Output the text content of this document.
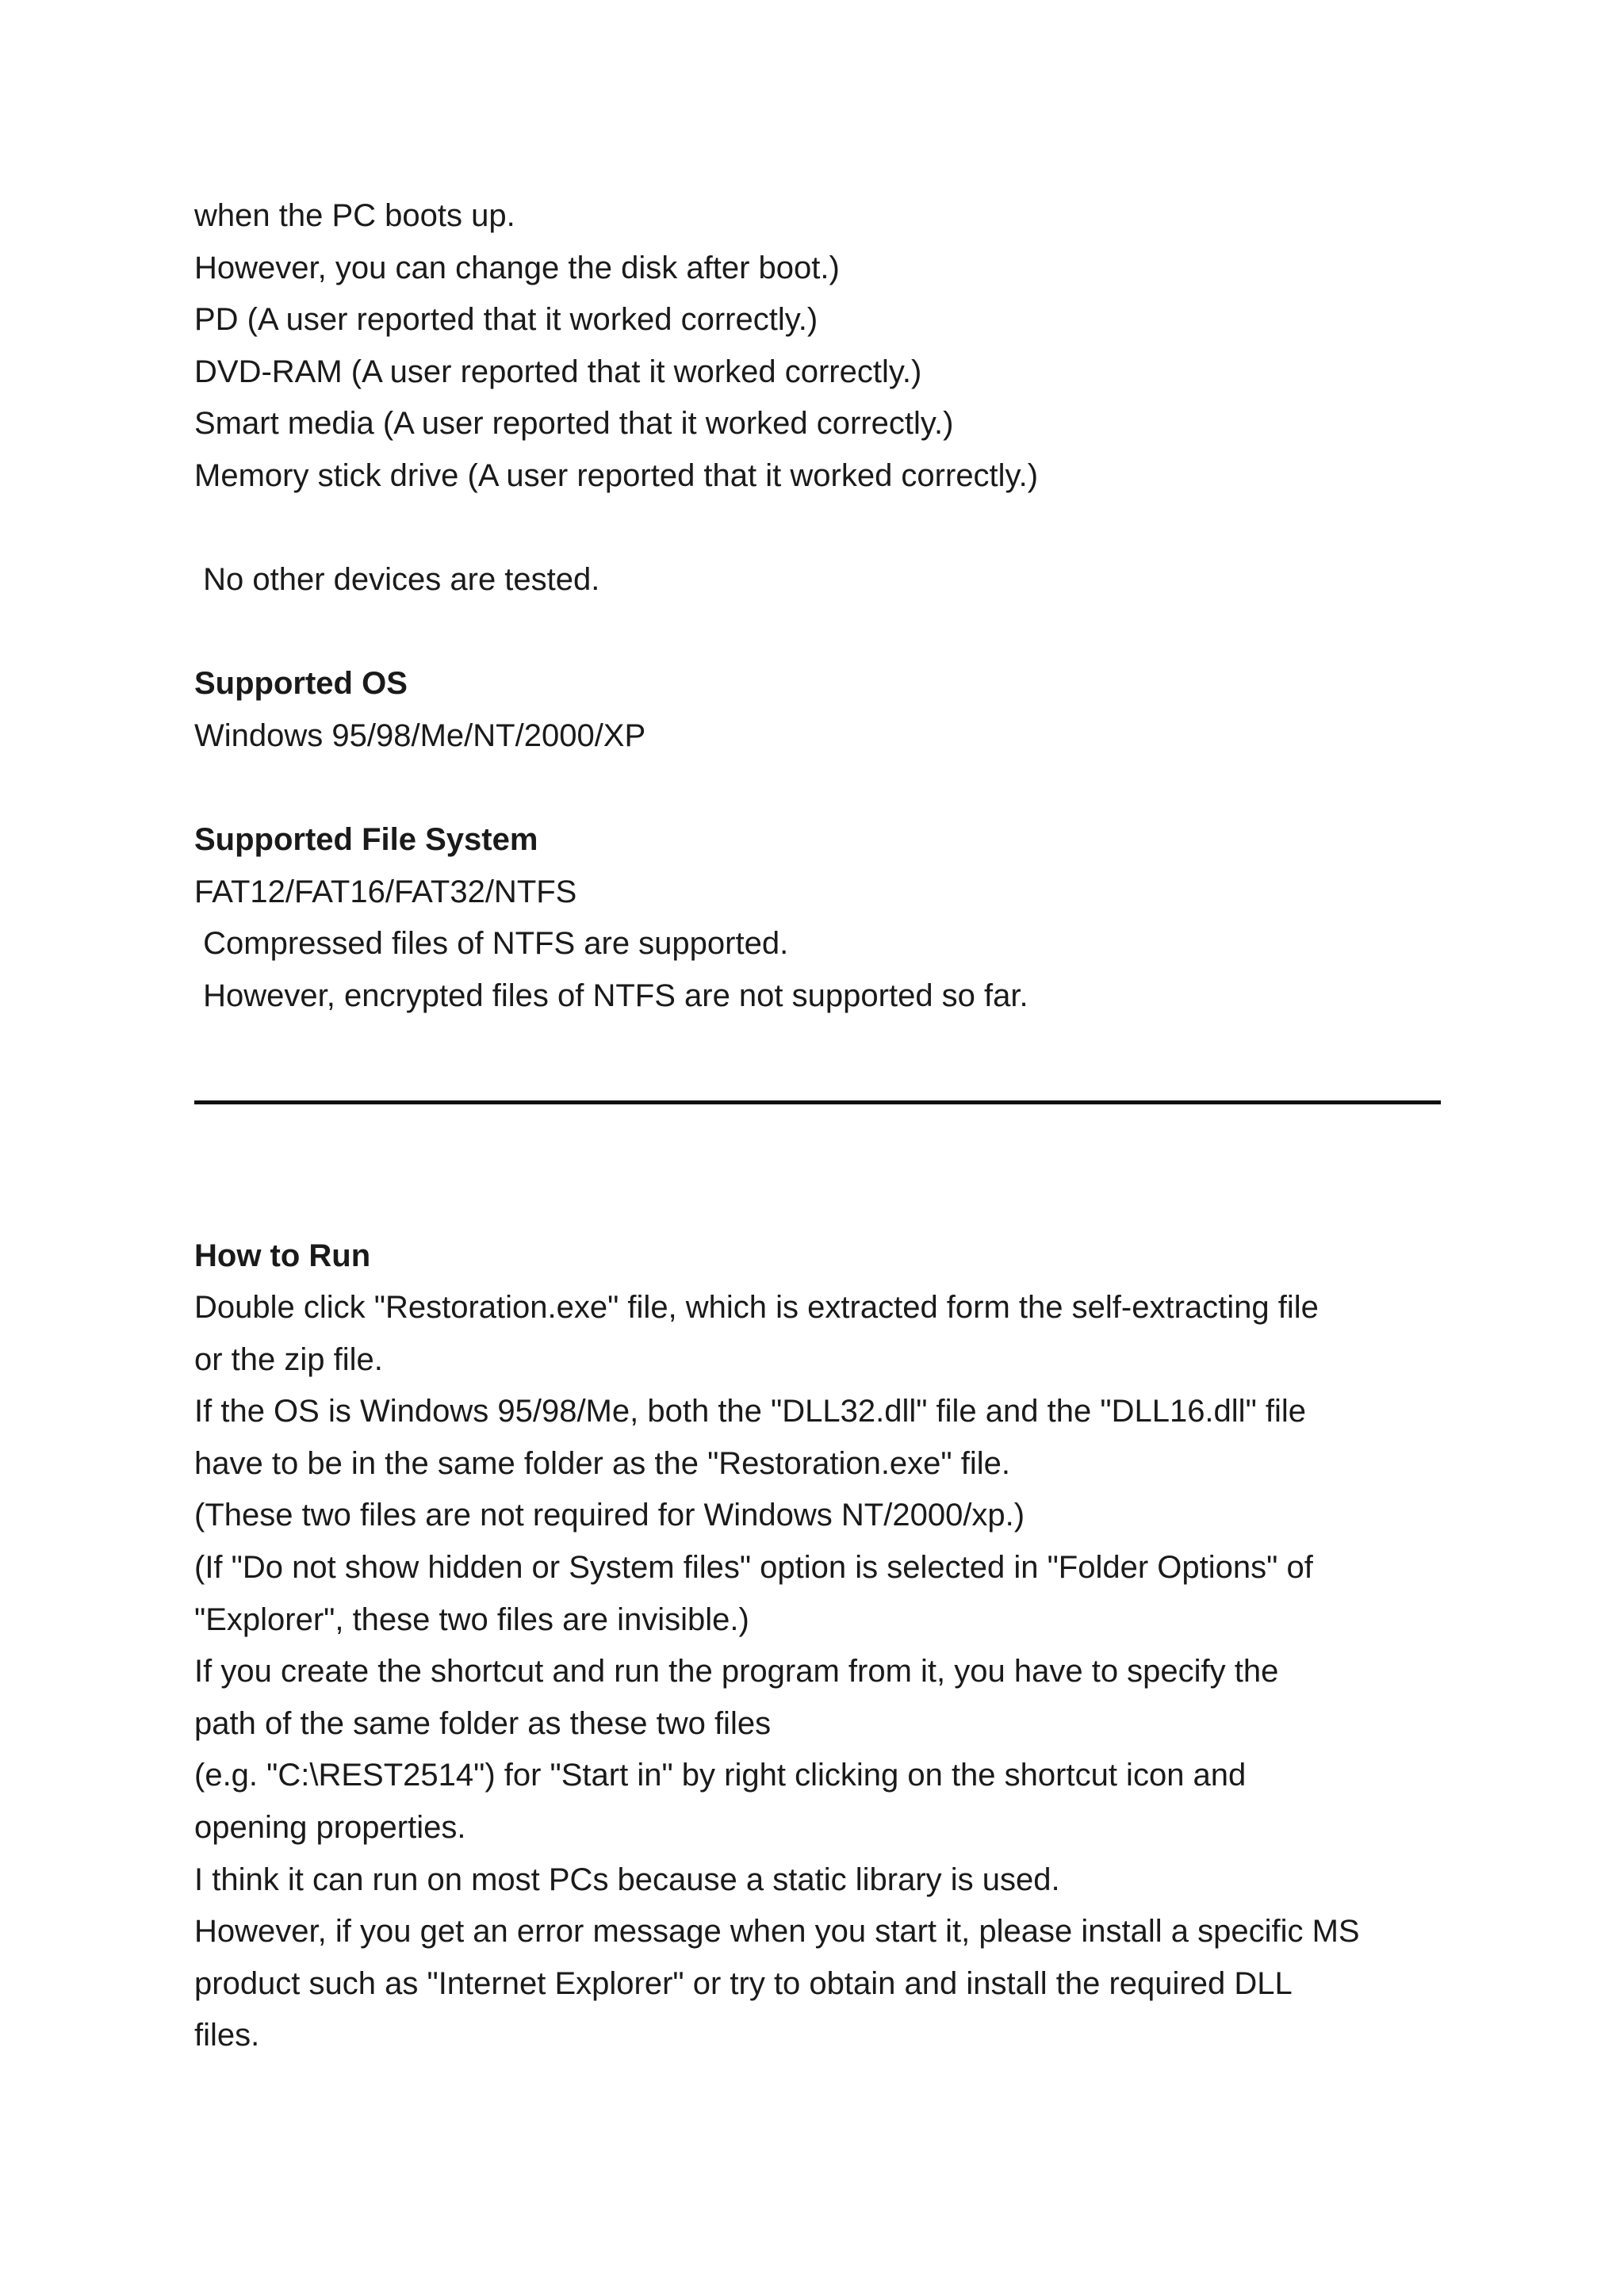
when the PC boots up.
However, you can change the disk after boot.)
PD (A user reported that it worked correctly.)
DVD-RAM (A user reported that it worked correctly.)
Smart media (A user reported that it worked correctly.)
Memory stick drive (A user reported that it worked correctly.)
No other devices are tested.
Supported OS
Windows 95/98/Me/NT/2000/XP
Supported File System
FAT12/FAT16/FAT32/NTFS
Compressed files of NTFS are supported.
However, encrypted files of NTFS are not supported so far.
How to Run
Double click "Restoration.exe" file, which is extracted form the self-extracting file
or the zip file.
If the OS is Windows 95/98/Me, both the "DLL32.dll" file and the "DLL16.dll" file
have to be in the same folder as the "Restoration.exe" file.
(These two files are not required for Windows NT/2000/xp.)
(If "Do not show hidden or System files" option is selected in "Folder Options" of
"Explorer", these two files are invisible.)
If you create the shortcut and run the program from it, you have to specify the
path of the same folder as these two files
(e.g. "C:\REST2514") for "Start in" by right clicking on the shortcut icon and
opening properties.
I think it can run on most PCs because a static library is used.
However, if you get an error message when you start it, please install a specific MS
product such as "Internet Explorer" or try to obtain and install the required DLL
files.
